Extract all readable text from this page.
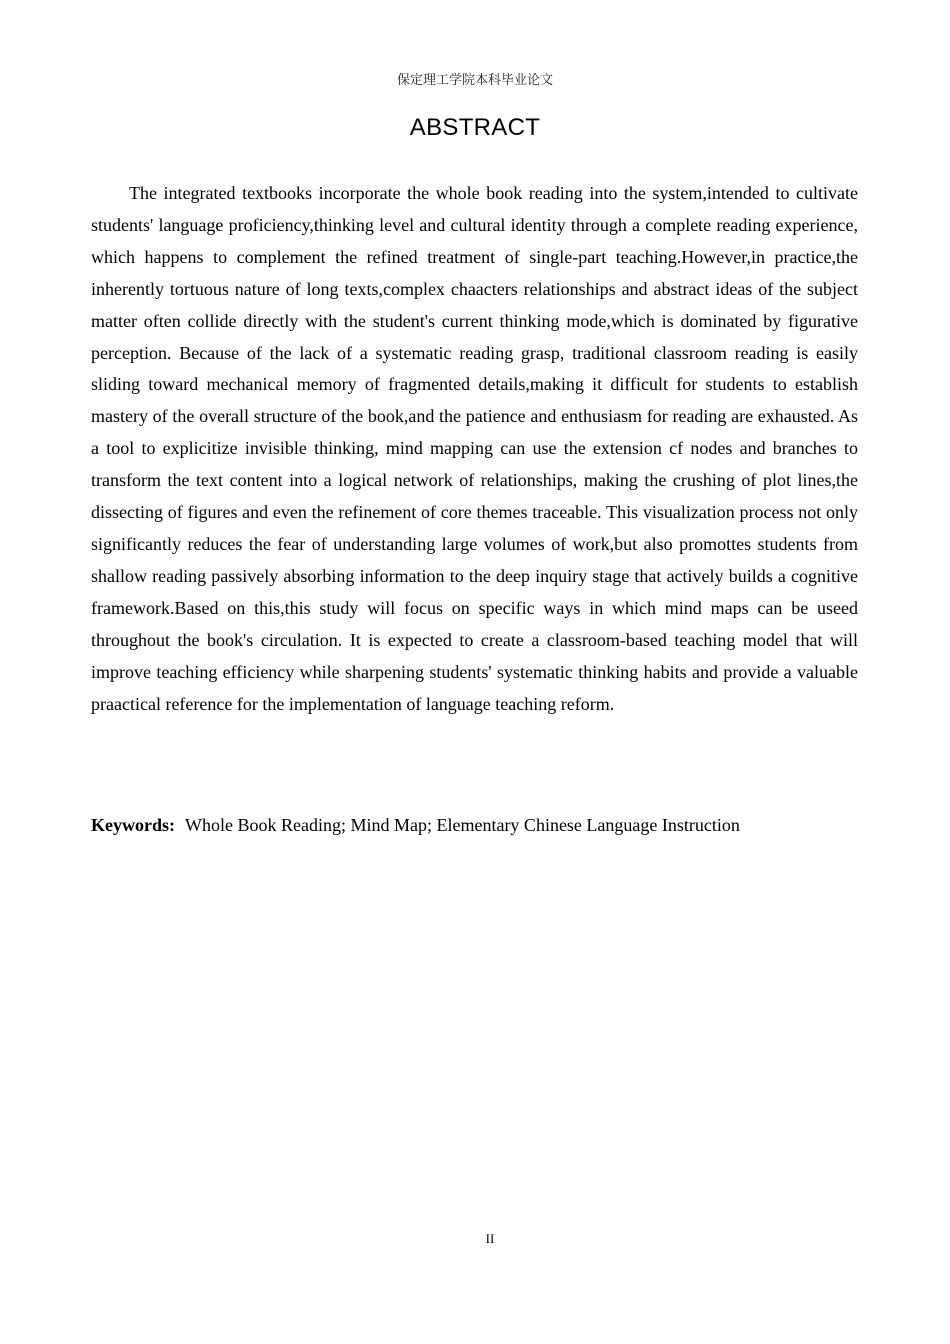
保定理工学院本科毕业论文
ABSTRACT

The integrated textbooks incorporate the whole book reading into the system,intended to cultivate students' language proficiency,thinking level and cultural identity through a complete reading experience, which happens to complement the refined treatment of single-part teaching.However,in practice,the inherently tortuous nature of long texts,complex chaacters relationships and abstract ideas of the subject matter often collide directly with the student's current thinking mode,which is dominated by figurative perception. Because of the lack of a systematic reading grasp, traditional classroom reading is easily sliding toward mechanical memory of fragmented details,making it difficult for students to establish mastery of the overall structure of the book,and the patience and enthusiasm for reading are exhausted. As a tool to explicitize invisible thinking, mind mapping can use the extension cf nodes and branches to transform the text content into a logical network of relationships, making the crushing of plot lines,the dissecting of figures and even the refinement of core themes traceable. This visualization process not only significantly reduces the fear of understanding large volumes of work,but also promottes students from shallow reading passively absorbing information to the deep inquiry stage that actively builds a cognitive framework.Based on this,this study will focus on specific ways in which mind maps can be useed throughout the book's circulation. It is expected to create a classroom-based teaching model that will improve teaching efficiency while sharpening students' systematic thinking habits and provide a valuable praactical reference for the implementation of language teaching reform.

Keywords: Whole Book Reading; Mind Map; Elementary Chinese Language Instruction

II
